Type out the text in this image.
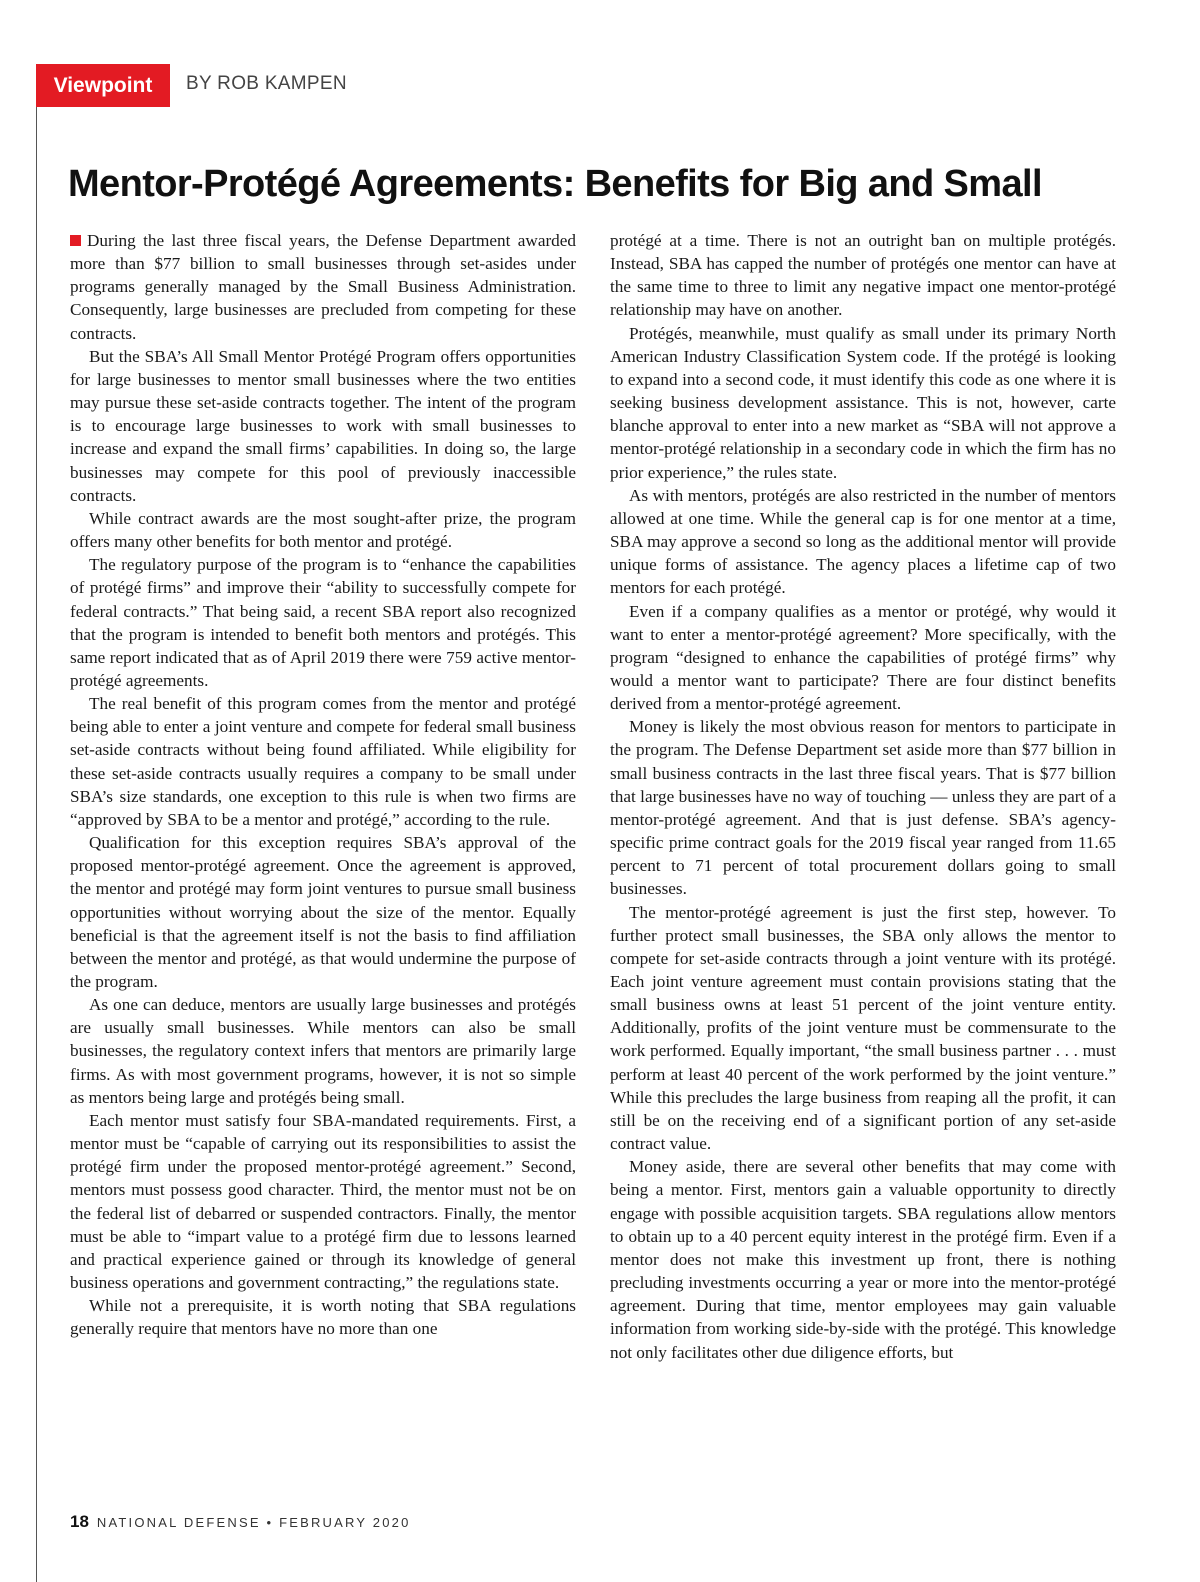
Viewpoint	BY ROB KAMPEN
Mentor-Protégé Agreements: Benefits for Big and Small

During the last three fiscal years, the Defense Department awarded more than $77 billion to small businesses through set-asides under programs generally managed by the Small Business Administration. Consequently, large businesses are precluded from competing for these contracts.

But the SBA’s All Small Mentor Protégé Program offers opportunities for large businesses to mentor small businesses where the two entities may pursue these set-aside contracts together. The intent of the program is to encourage large businesses to work with small businesses to increase and expand the small firms’ capabilities. In doing so, the large businesses may compete for this pool of previously inaccessible contracts.

While contract awards are the most sought-after prize, the program offers many other benefits for both mentor and protégé.

The regulatory purpose of the program is to “enhance the capabilities of protégé firms” and improve their “ability to successfully compete for federal contracts.” That being said, a recent SBA report also recognized that the program is intended to benefit both mentors and protégés. This same report indicated that as of April 2019 there were 759 active mentor-protégé agreements.

The real benefit of this program comes from the mentor and protégé being able to enter a joint venture and compete for federal small business set-aside contracts without being found affiliated. While eligibility for these set-aside contracts usually requires a company to be small under SBA’s size standards, one exception to this rule is when two firms are “approved by SBA to be a mentor and protégé,” according to the rule.

Qualification for this exception requires SBA’s approval of the proposed mentor-protégé agreement. Once the agreement is approved, the mentor and protégé may form joint ventures to pursue small business opportunities without worrying about the size of the mentor. Equally beneficial is that the agreement itself is not the basis to find affiliation between the mentor and protégé, as that would undermine the purpose of the program.

As one can deduce, mentors are usually large businesses and protégés are usually small businesses. While mentors can also be small businesses, the regulatory context infers that mentors are primarily large firms. As with most government programs, however, it is not so simple as mentors being large and protégés being small.

Each mentor must satisfy four SBA-mandated requirements. First, a mentor must be “capable of carrying out its responsibilities to assist the protégé firm under the proposed mentor-protégé agreement.” Second, mentors must possess good character. Third, the mentor must not be on the federal list of debarred or suspended contractors. Finally, the mentor must be able to “impart value to a protégé firm due to lessons learned and practical experience gained or through its knowledge of general business operations and government contracting,” the regulations state.

While not a prerequisite, it is worth noting that SBA regulations generally require that mentors have no more than one

protégé at a time. There is not an outright ban on multiple protégés. Instead, SBA has capped the number of protégés one mentor can have at the same time to three to limit any negative impact one mentor-protégé relationship may have on another.

Protégés, meanwhile, must qualify as small under its primary North American Industry Classification System code. If the protégé is looking to expand into a second code, it must identify this code as one where it is seeking business development assistance. This is not, however, carte blanche approval to enter into a new market as “SBA will not approve a mentor-protégé relationship in a secondary code in which the firm has no prior experience,” the rules state.

As with mentors, protégés are also restricted in the number of mentors allowed at one time. While the general cap is for one mentor at a time, SBA may approve a second so long as the additional mentor will provide unique forms of assistance. The agency places a lifetime cap of two mentors for each protégé.

Even if a company qualifies as a mentor or protégé, why would it want to enter a mentor-protégé agreement? More specifically, with the program “designed to enhance the capabilities of protégé firms” why would a mentor want to participate? There are four distinct benefits derived from a mentor-protégé agreement.

Money is likely the most obvious reason for mentors to participate in the program. The Defense Department set aside more than $77 billion in small business contracts in the last three fiscal years. That is $77 billion that large businesses have no way of touching — unless they are part of a mentor-protégé agreement. And that is just defense. SBA’s agency-specific prime contract goals for the 2019 fiscal year ranged from 11.65 percent to 71 percent of total procurement dollars going to small businesses.

The mentor-protégé agreement is just the first step, however. To further protect small businesses, the SBA only allows the mentor to compete for set-aside contracts through a joint venture with its protégé. Each joint venture agreement must contain provisions stating that the small business owns at least 51 percent of the joint venture entity. Additionally, profits of the joint venture must be commensurate to the work performed. Equally important, “the small business partner . . . must perform at least 40 percent of the work performed by the joint venture.” While this precludes the large business from reaping all the profit, it can still be on the receiving end of a significant portion of any set-aside contract value.

Money aside, there are several other benefits that may come with being a mentor. First, mentors gain a valuable opportunity to directly engage with possible acquisition targets. SBA regulations allow mentors to obtain up to a 40 percent equity interest in the protégé firm. Even if a mentor does not make this investment up front, there is nothing precluding investments occurring a year or more into the mentor-protégé agreement. During that time, mentor employees may gain valuable information from working side-by-side with the protégé. This knowledge not only facilitates other due diligence efforts, but

18 NATIONAL DEFENSE • FEBRUARY 2020
